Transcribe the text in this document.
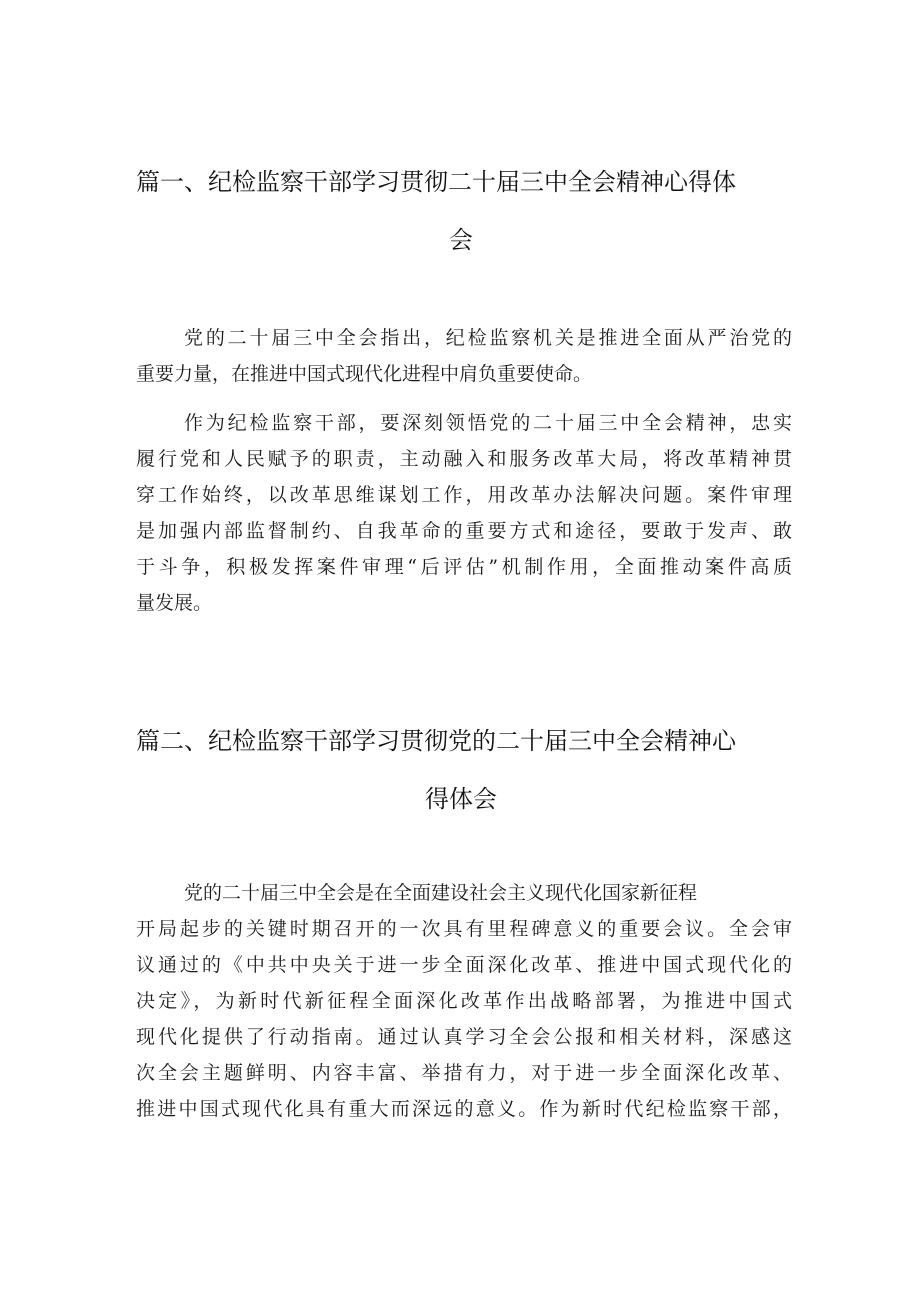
篇一、纪检监察干部学习贯彻二十届三中全会精神心得体
会
党的二十届三中全会指出，纪检监察机关是推进全面从严治党的
重要力量，在推进中国式现代化进程中肩负重要使命。
作为纪检监察干部，要深刻领悟党的二十届三中全会精神，忠实
履行党和人民赋予的职责，主动融入和服务改革大局，将改革精神贯
穿工作始终，以改革思维谋划工作，用改革办法解决问题。案件审理
是加强内部监督制约、自我革命的重要方式和途径，要敢于发声、敢
于斗争，积极发挥案件审理“后评估”机制作用，全面推动案件高质
量发展。
篇二、纪检监察干部学习贯彻党的二十届三中全会精神心
得体会
党的二十届三中全会是在全面建设社会主义现代化国家新征程
开局起步的关键时期召开的一次具有里程碑意义的重要会议。全会审
议通过的《中共中央关于进一步全面深化改革、推进中国式现代化的
决定》，为新时代新征程全面深化改革作出战略部署，为推进中国式
现代化提供了行动指南。通过认真学习全会公报和相关材料，深感这
次全会主题鲜明、内容丰富、举措有力，对于进一步全面深化改革、
推进中国式现代化具有重大而深远的意义。作为新时代纪检监察干部，
